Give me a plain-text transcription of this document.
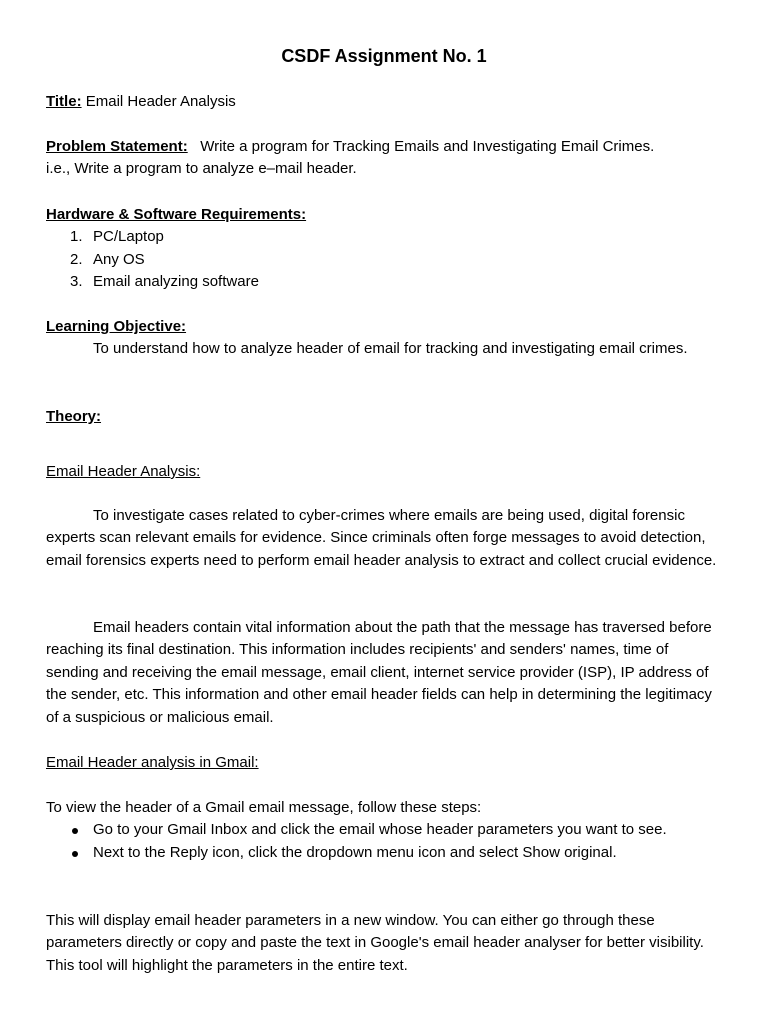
CSDF Assignment No. 1
Title: Email Header Analysis

Problem Statement: Write a program for Tracking Emails and Investigating Email Crimes.

i.e., Write a program to analyze e–mail header.

Hardware & Software Requirements:

1. PC/Laptop
2. Any OS
3. Email analyzing software

Learning Objective:

To understand how to analyze header of email for tracking and investigating email crimes.

Theory:

Email Header Analysis:

To investigate cases related to cyber-crimes where emails are being used, digital forensic experts scan relevant emails for evidence. Since criminals often forge messages to avoid detection, email forensics experts need to perform email header analysis to extract and collect crucial evidence.

Email headers contain vital information about the path that the message has traversed before reaching its final destination. This information includes recipients' and senders' names, time of sending and receiving the email message, email client, internet service provider (ISP), IP address of the sender, etc. This information and other email header fields can help in determining the legitimacy of a suspicious or malicious email.

Email Header analysis in Gmail:

To view the header of a Gmail email message, follow these steps:

Go to your Gmail Inbox and click the email whose header parameters you want to see.
Next to the Reply icon, click the dropdown menu icon and select Show original.

This will display email header parameters in a new window. You can either go through these parameters directly or copy and paste the text in Google's email header analyser for better visibility. This tool will highlight the parameters in the entire text.
